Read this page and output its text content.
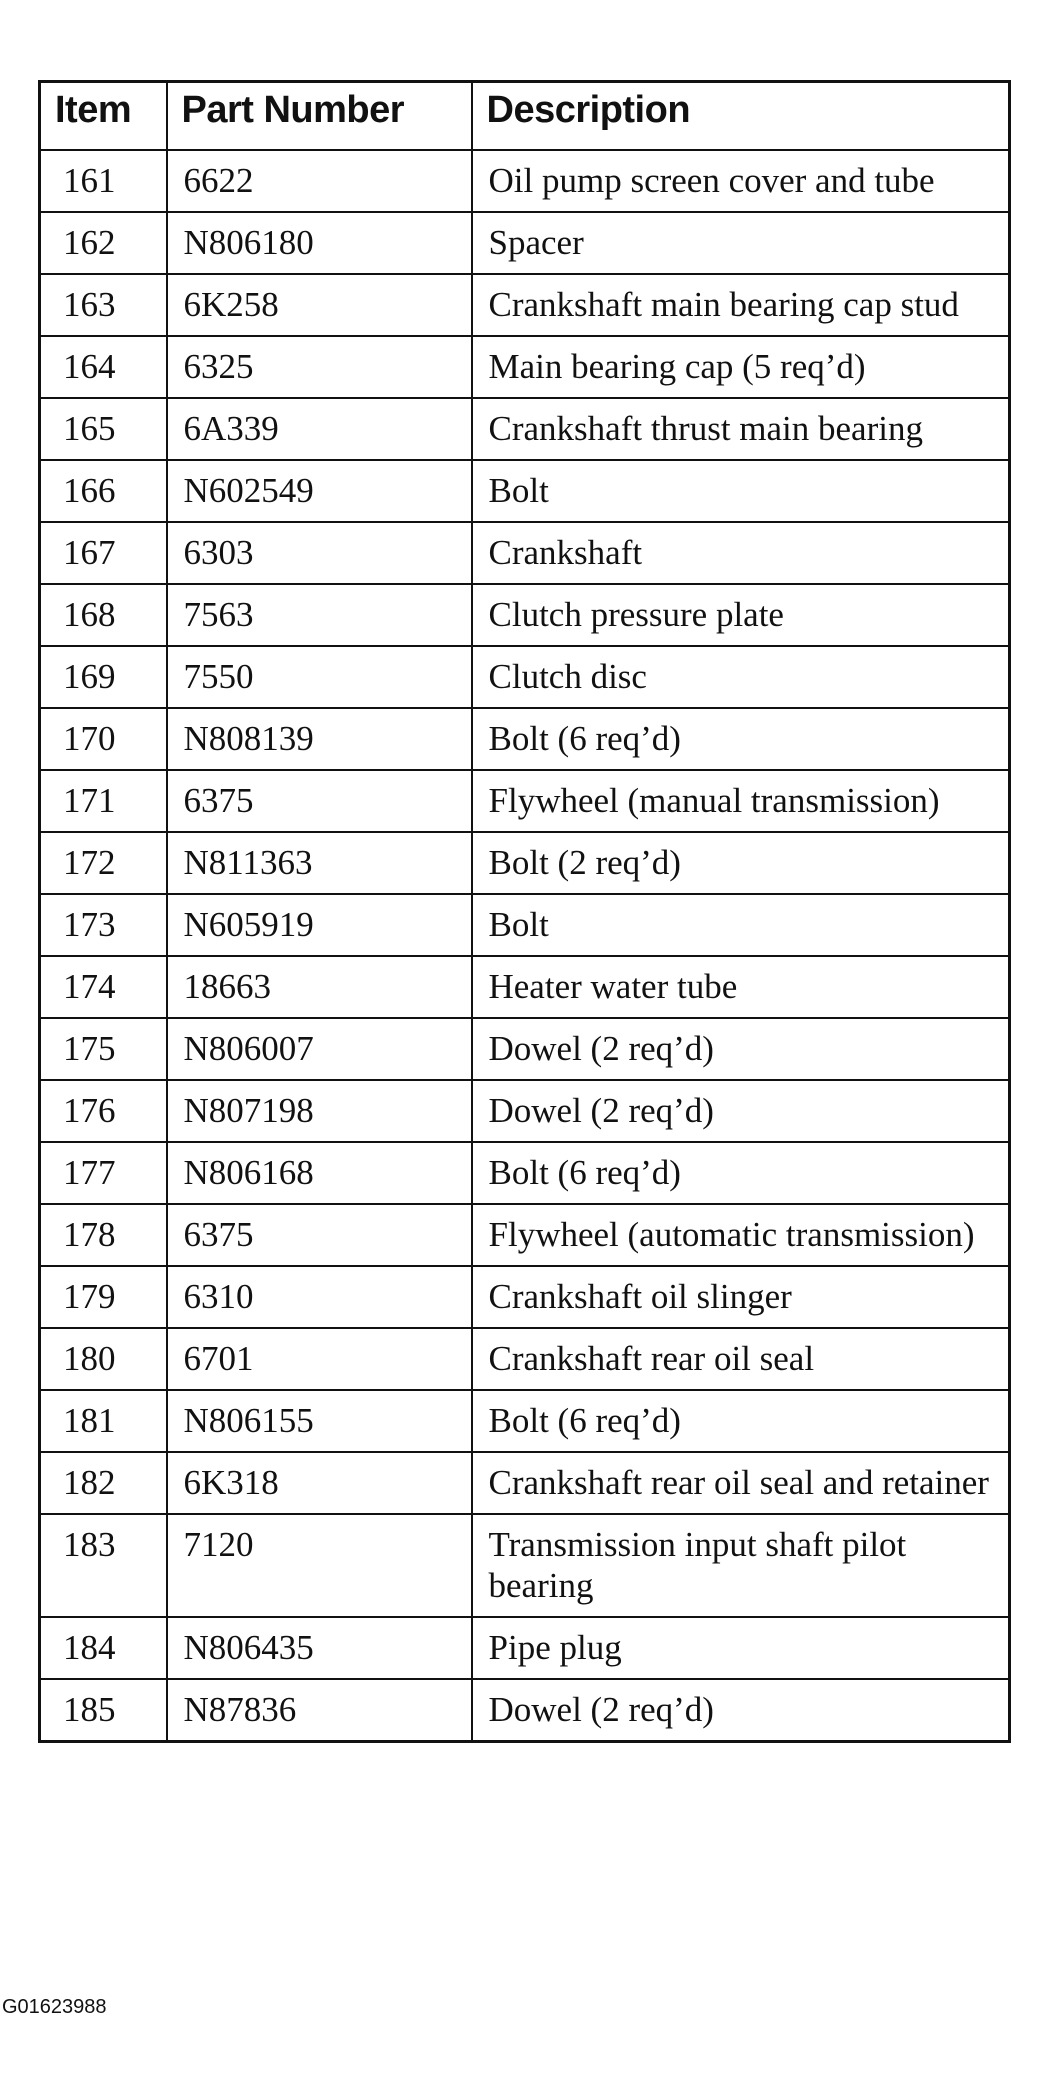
Item	Part Number	Description
161	6622	Oil pump screen cover and tube
162	N806180	Spacer
163	6K258	Crankshaft main bearing cap stud
164	6325	Main bearing cap (5 req’d)
165	6A339	Crankshaft thrust main bearing
166	N602549	Bolt
167	6303	Crankshaft
168	7563	Clutch pressure plate
169	7550	Clutch disc
170	N808139	Bolt (6 req’d)
171	6375	Flywheel (manual transmission)
172	N811363	Bolt (2 req’d)
173	N605919	Bolt
174	18663	Heater water tube
175	N806007	Dowel (2 req’d)
176	N807198	Dowel (2 req’d)
177	N806168	Bolt (6 req’d)
178	6375	Flywheel (automatic transmission)
179	6310	Crankshaft oil slinger
180	6701	Crankshaft rear oil seal
181	N806155	Bolt (6 req’d)
182	6K318	Crankshaft rear oil seal and retainer
183	7120	Transmission input shaft pilot bearing
184	N806435	Pipe plug
185	N87836	Dowel (2 req’d)
G01623988
